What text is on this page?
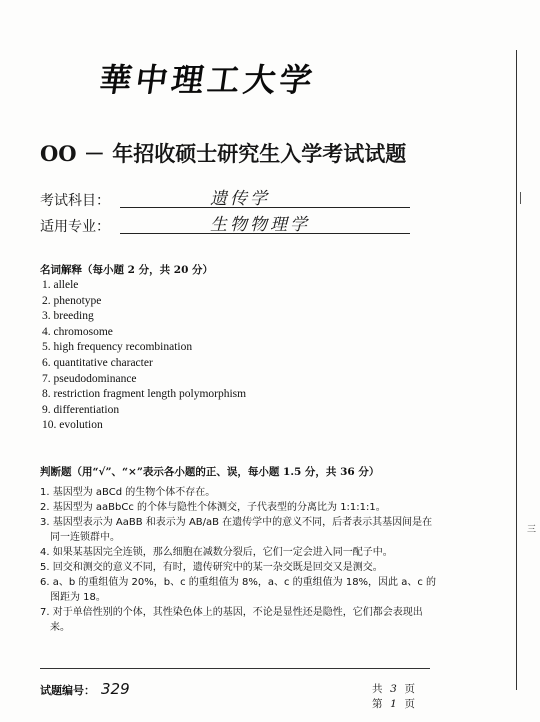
華中理工大学
OO － 年招收硕士研究生入学考试试题
考试科目：	遗传学
适用专业：	生物物理学
名词解释（每小题 2 分，共 20 分）
1. allele
2. phenotype
3. breeding
4. chromosome
5. high frequency recombination
6. quantitative character
7. pseudodominance
8. restriction fragment length polymorphism
9. differentiation
10. evolution
判断题（用“√”、“×”表示各小题的正、误，每小题 1.5 分，共 36 分）
1. 基因型为 aBCd 的生物个体不存在。
2. 基因型为 aaBbCc 的个体与隐性个体测交，子代表型的分离比为 1:1:1:1。
3. 基因型表示为 AaBB 和表示为 AB/aB 在遗传学中的意义不同，后者表示其基因间是在同一连锁群中。
4. 如果某基因完全连锁，那么细胞在减数分裂后，它们一定会进入同一配子中。
5. 回交和测交的意义不同，有时，遗传研究中的某一杂交既是回交又是测交。
6. a、b 的重组值为 20%，b、c 的重组值为 8%，a、c 的重组值为 18%，因此 a、c 的图距为 18。
7. 对于单倍性别的个体，其性染色体上的基因，不论是显性还是隐性，它们都会表现出来。
试题编号： 329	共 3 页
第 1 页
三
